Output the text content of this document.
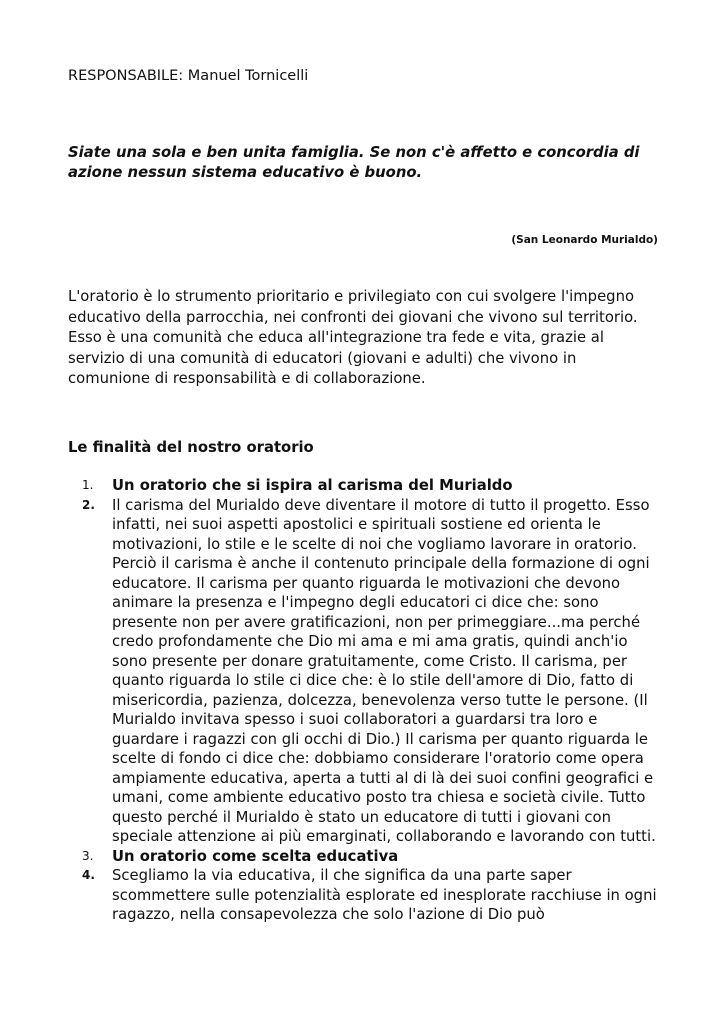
RESPONSABILE: Manuel Tornicelli
Siate una sola e ben unita famiglia. Se non c'è affetto e concordia di azione nessun sistema educativo è buono.
(San Leonardo Murialdo)
L'oratorio è lo strumento prioritario e privilegiato con cui svolgere l'impegno educativo della parrocchia, nei confronti dei giovani che vivono sul territorio. Esso è una comunità che educa all'integrazione tra fede e vita, grazie al servizio di una comunità di educatori (giovani e adulti) che vivono in comunione di responsabilità e di collaborazione.
Le finalità del nostro oratorio
1.	Un oratorio che si ispira al carisma del Murialdo
2.	Il carisma del Murialdo deve diventare il motore di tutto il progetto. Esso infatti, nei suoi aspetti apostolici e spirituali sostiene ed orienta le motivazioni, lo stile e le scelte di noi che vogliamo lavorare in oratorio. Perciò il carisma è anche il contenuto principale della formazione di ogni educatore. Il carisma per quanto riguarda le motivazioni che devono animare la presenza e l'impegno degli educatori ci dice che: sono presente non per avere gratificazioni, non per primeggiare...ma perché credo profondamente che Dio mi ama e mi ama gratis, quindi anch'io sono presente per donare gratuitamente, come Cristo. Il carisma, per quanto riguarda lo stile ci dice che: è lo stile dell'amore di Dio, fatto di misericordia, pazienza, dolcezza, benevolenza verso tutte le persone. (Il Murialdo invitava spesso i suoi collaboratori a guardarsi tra loro e guardare i ragazzi con gli occhi di Dio.) Il carisma per quanto riguarda le scelte di fondo ci dice che: dobbiamo considerare l'oratorio come opera ampiamente educativa, aperta a tutti al di là dei suoi confini geografici e umani, come ambiente educativo posto tra chiesa e società civile. Tutto questo perché il Murialdo è stato un educatore di tutti i giovani con speciale attenzione ai più emarginati, collaborando e lavorando con tutti.
3.	Un oratorio come scelta educativa
4.	Scegliamo la via educativa, il che significa da una parte saper scommettere sulle potenzialità esplorate ed inesplorate racchiuse in ogni ragazzo, nella consapevolezza che solo l'azione di Dio può
